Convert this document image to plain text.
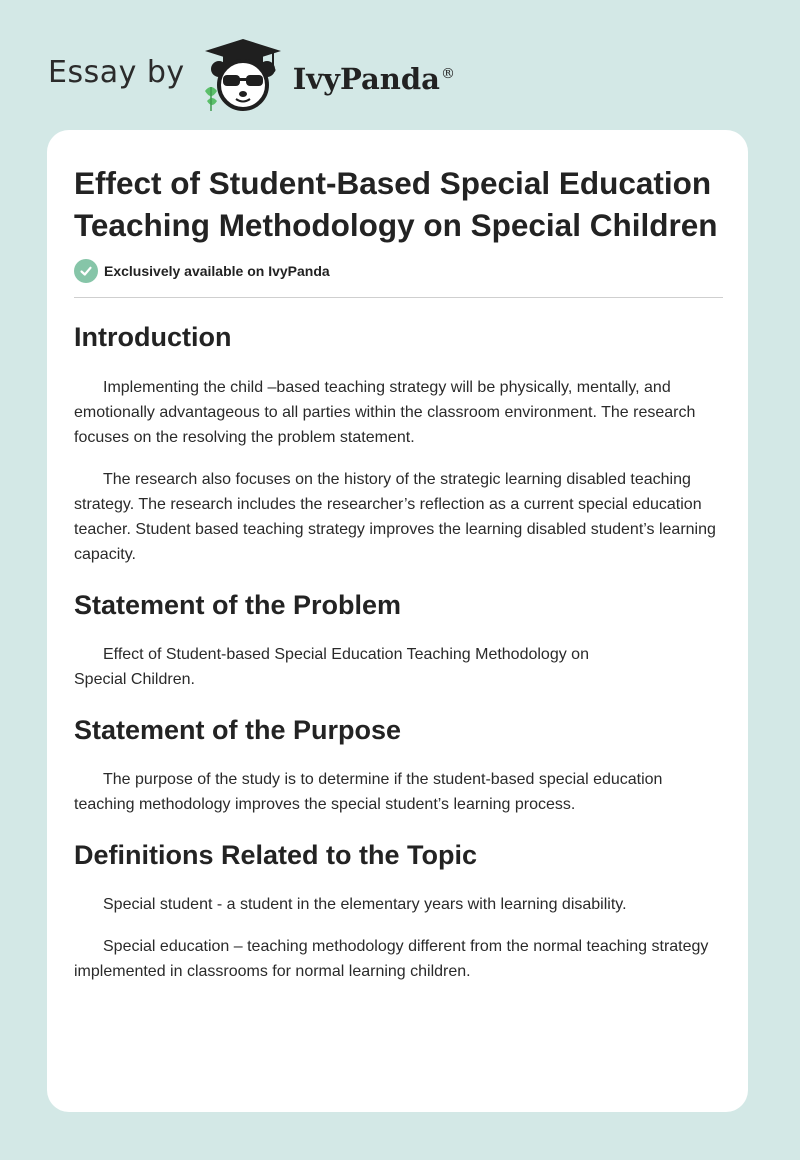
Essay by	IvyPanda®
Effect of Student-Based Special Education Teaching Methodology on Special Children
Exclusively available on IvyPanda
Introduction

Implementing the child –based teaching strategy will be physically, mentally, and emotionally advantageous to all parties within the classroom environment. The research focuses on the resolving the problem statement.

The research also focuses on the history of the strategic learning disabled teaching strategy. The research includes the researcher’s reflection as a current special education teacher. Student based teaching strategy improves the learning disabled student’s learning capacity.

Statement of the Problem

Effect of Student-based Special Education Teaching Methodology on Special Children.

Statement of the Purpose

The purpose of the study is to determine if the student-based special education teaching methodology improves the special student’s learning process.

Definitions Related to the Topic

Special student - a student in the elementary years with learning disability.

Special education – teaching methodology different from the normal teaching strategy implemented in classrooms for normal learning children.
